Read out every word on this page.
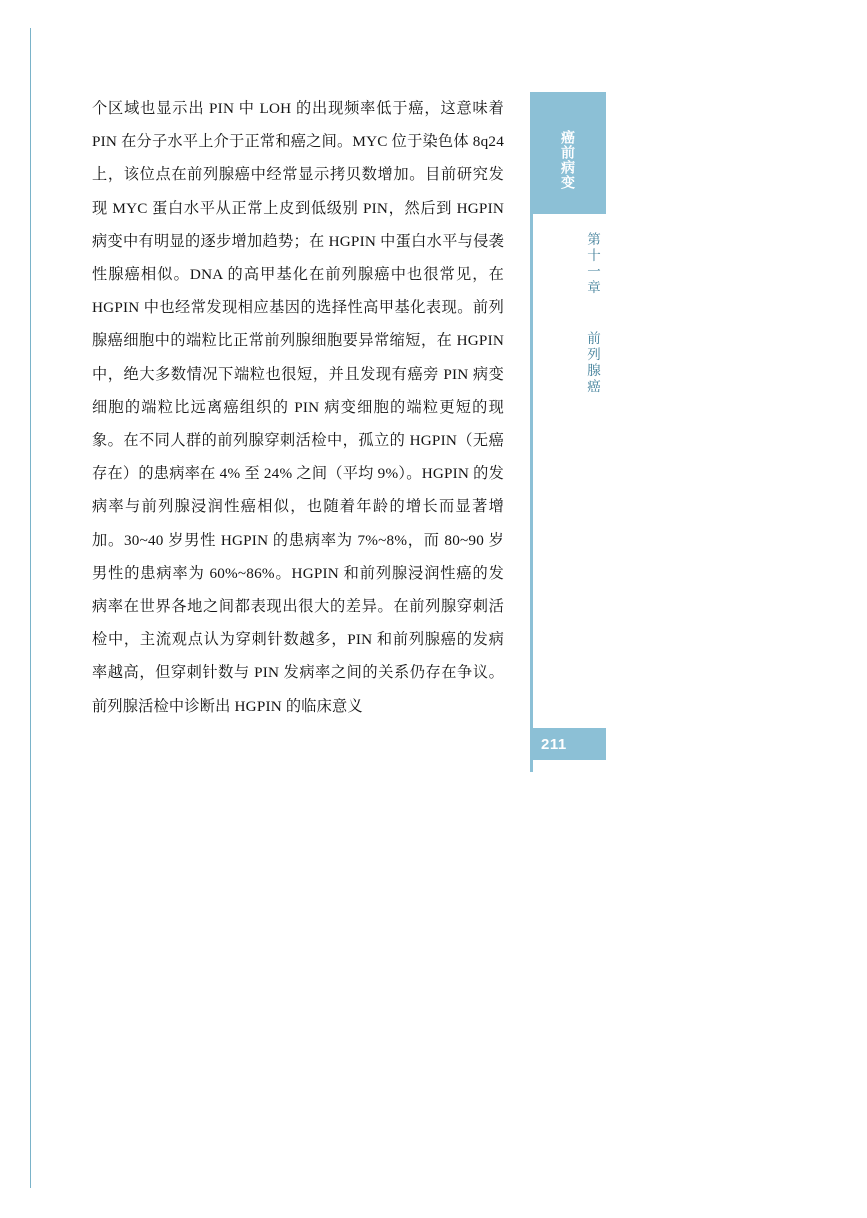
个区域也显示出 PIN 中 LOH 的出现频率低于癌，这意味着 PIN 在分子水平上介于正常和癌之间。MYC 位于染色体 8q24 上，该位点在前列腺癌中经常显示拷贝数增加。目前研究发现 MYC 蛋白水平从正常上皮到低级别 PIN，然后到 HGPIN 病变中有明显的逐步增加趋势；在 HGPIN 中蛋白水平与侵袭性腺癌相似。DNA 的高甲基化在前列腺癌中也很常见，在 HGPIN 中也经常发现相应基因的选择性高甲基化表现。前列腺癌细胞中的端粒比正常前列腺细胞要异常缩短，在 HGPIN 中，绝大多数情况下端粒也很短，并且发现有癌旁 PIN 病变细胞的端粒比远离癌组织的 PIN 病变细胞的端粒更短的现象。在不同人群的前列腺穿刺活检中，孤立的 HGPIN（无癌存在）的患病率在 4% 至 24% 之间（平均 9%）。HGPIN 的发病率与前列腺浸润性癌相似，也随着年龄的增长而显著增加。30~40 岁男性 HGPIN 的患病率为 7%~8%，而 80~90 岁男性的患病率为 60%~86%。HGPIN 和前列腺浸润性癌的发病率在世界各地之间都表现出很大的差异。在前列腺穿刺活检中，主流观点认为穿刺针数越多，PIN 和前列腺癌的发病率越高，但穿刺针数与 PIN 发病率之间的关系仍存在争议。前列腺活检中诊断出 HGPIN 的临床意义

癌前病变
第十一章  前列腺癌
211
